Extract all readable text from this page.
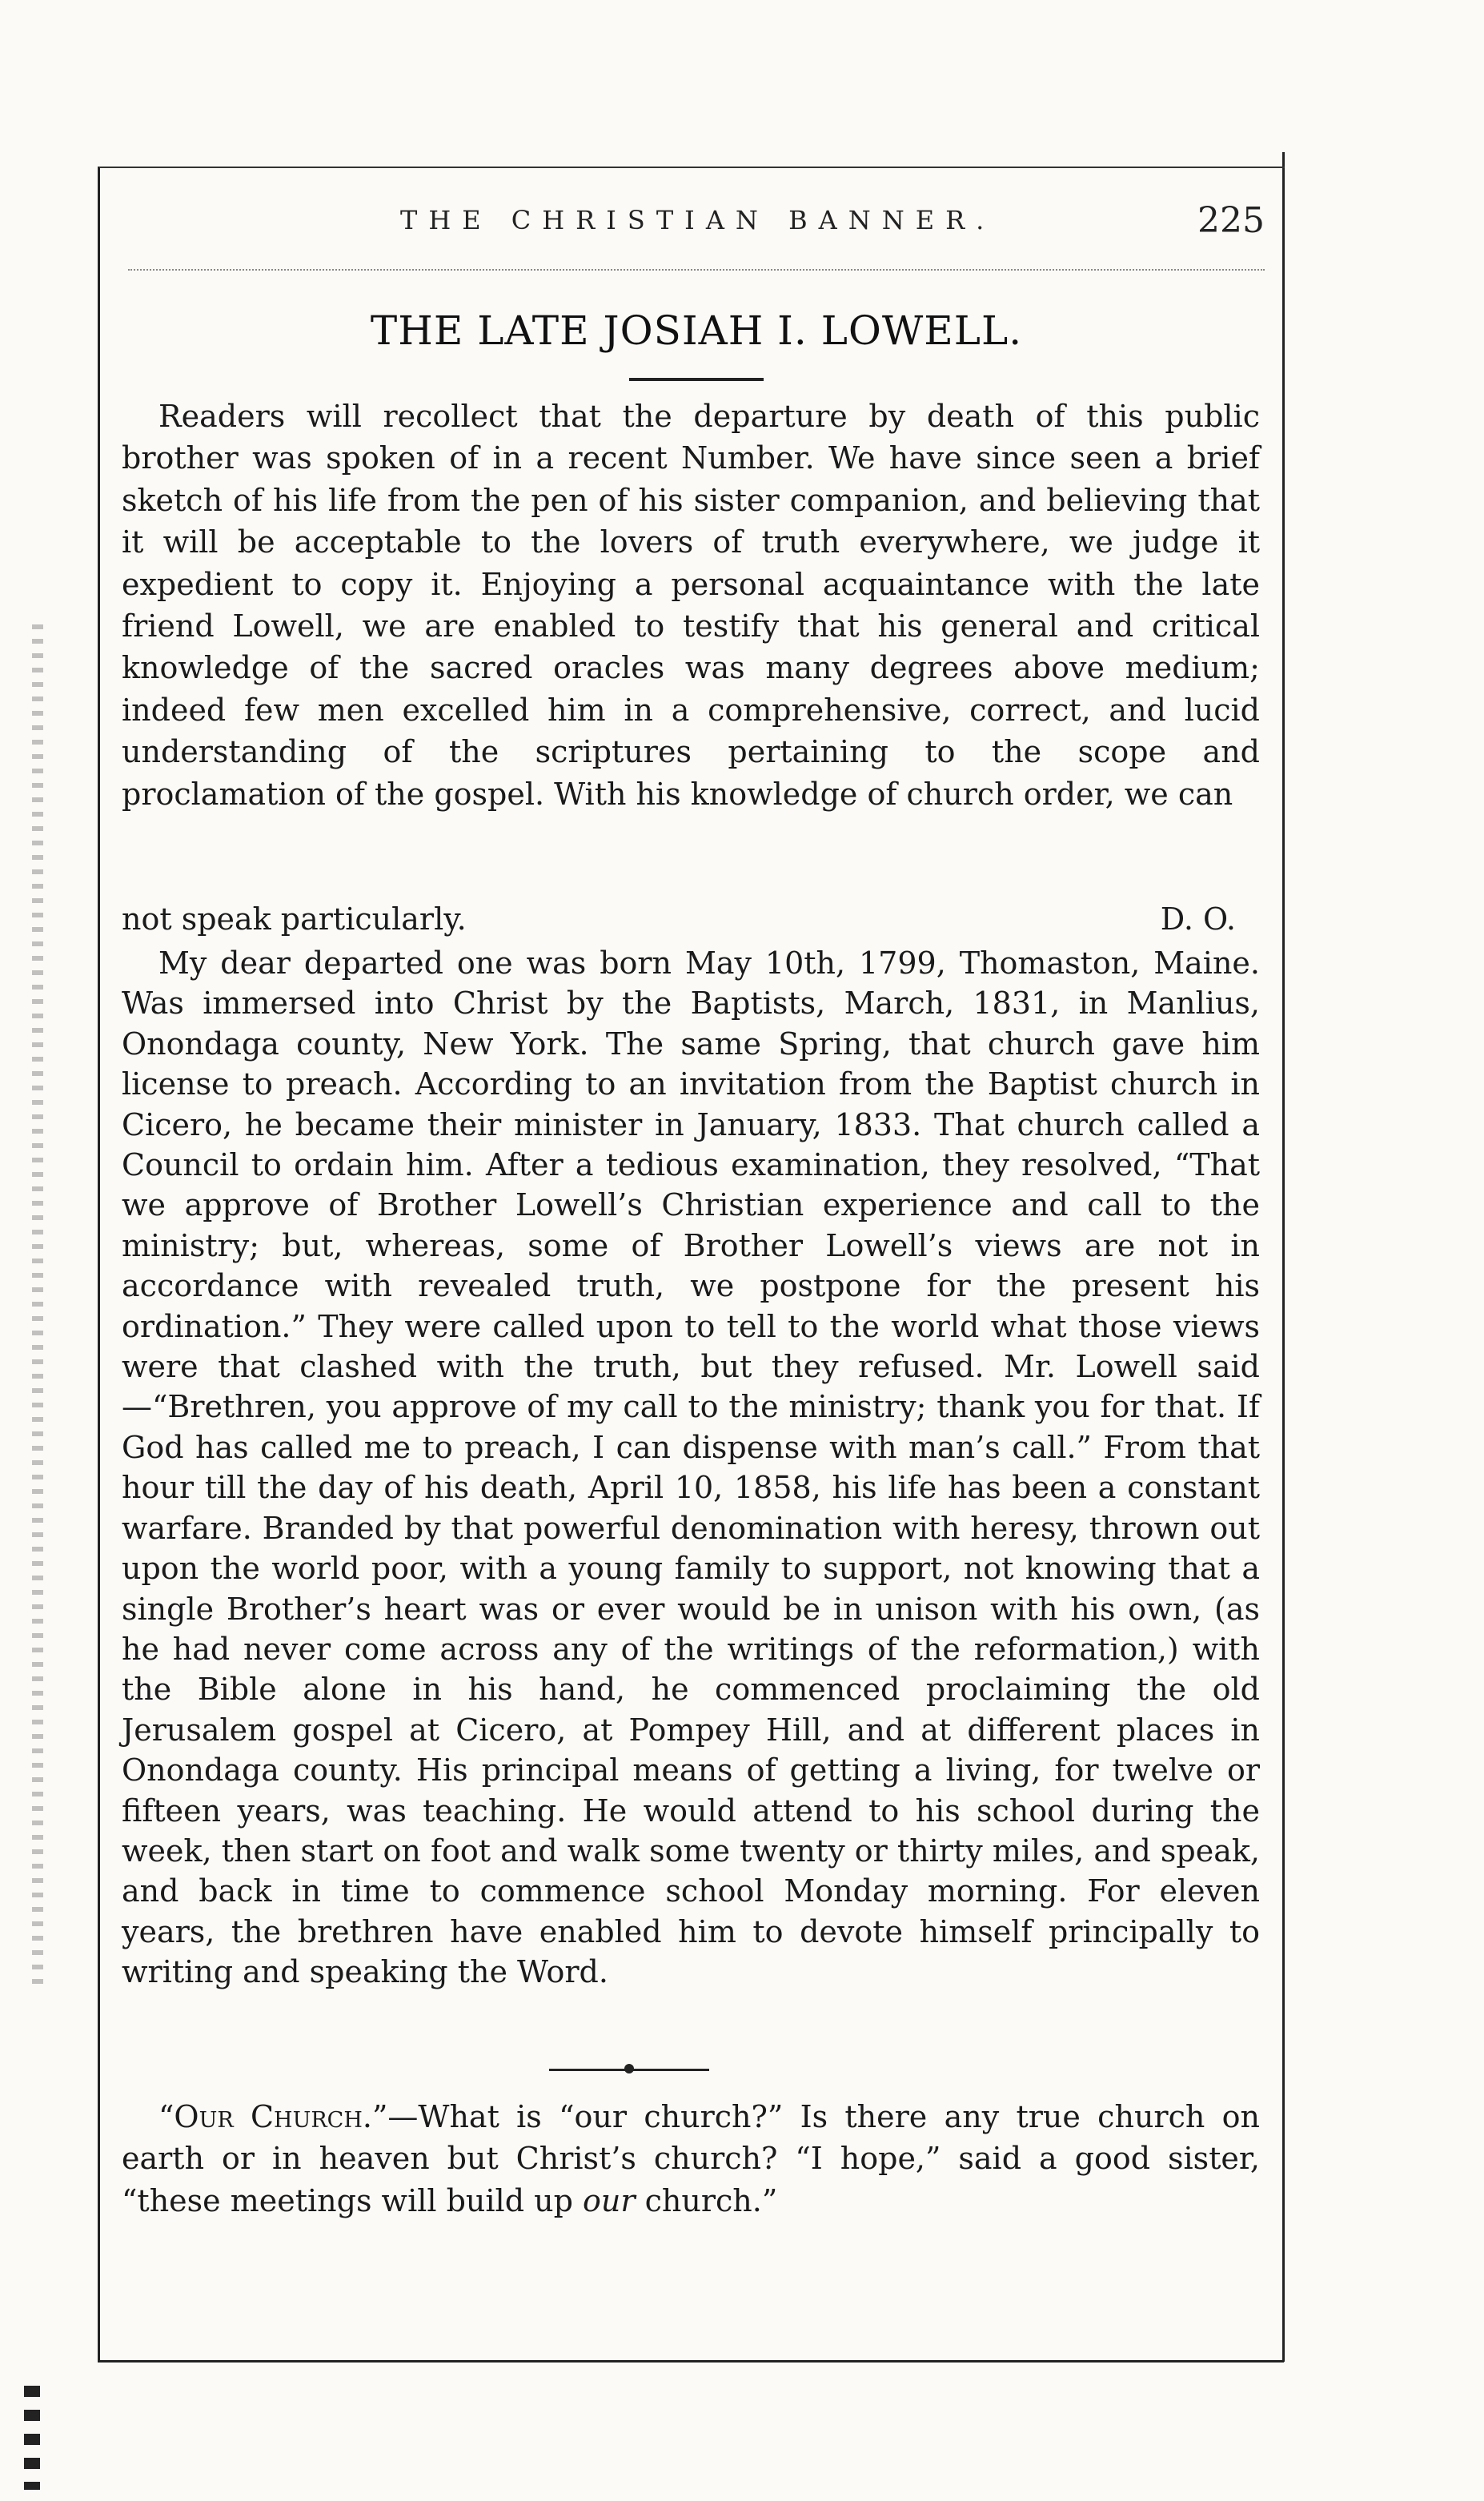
THE CHRISTIAN BANNER.	225
THE LATE JOSIAH I. LOWELL.

Readers will recollect that the departure by death of this public brother was spoken of in a recent Number. We have since seen a brief sketch of his life from the pen of his sister companion, and believing that it will be acceptable to the lovers of truth everywhere, we judge it expedient to copy it. Enjoying a personal acquaintance with the late friend Lowell, we are enabled to testify that his general and critical knowledge of the sacred oracles was many degrees above medium; indeed few men excelled him in a comprehensive, correct, and lucid understanding of the scriptures pertaining to the scope and proclamation of the gospel. With his knowledge of church order, we can

not speak particularly.	D. O.

My dear departed one was born May 10th, 1799, Thomaston, Maine. Was immersed into Christ by the Baptists, March, 1831, in Manlius, Onondaga county, New York. The same Spring, that church gave him license to preach. According to an invitation from the Baptist church in Cicero, he became their minister in January, 1833. That church called a Council to ordain him. After a tedious examination, they resolved, “That we approve of Brother Lowell’s Christian experience and call to the ministry; but, whereas, some of Brother Lowell’s views are not in accordance with revealed truth, we postpone for the present his ordination.” They were called upon to tell to the world what those views were that clashed with the truth, but they refused. Mr. Lowell said—“Brethren, you approve of my call to the ministry; thank you for that. If God has called me to preach, I can dispense with man’s call.” From that hour till the day of his death, April 10, 1858, his life has been a constant warfare. Branded by that powerful denomination with heresy, thrown out upon the world poor, with a young family to support, not knowing that a single Brother’s heart was or ever would be in unison with his own, (as he had never come across any of the writings of the reformation,) with the Bible alone in his hand, he commenced proclaiming the old Jerusalem gospel at Cicero, at Pompey Hill, and at different places in Onondaga county. His principal means of getting a living, for twelve or fifteen years, was teaching. He would attend to his school during the week, then start on foot and walk some twenty or thirty miles, and speak, and back in time to commence school Monday morning. For eleven years, the brethren have enabled him to devote himself principally to writing and speaking the Word.

“Our Church.”—What is “our church?” Is there any true church on earth or in heaven but Christ’s church? “I hope,” said a good sister, “these meetings will build up our church.”
